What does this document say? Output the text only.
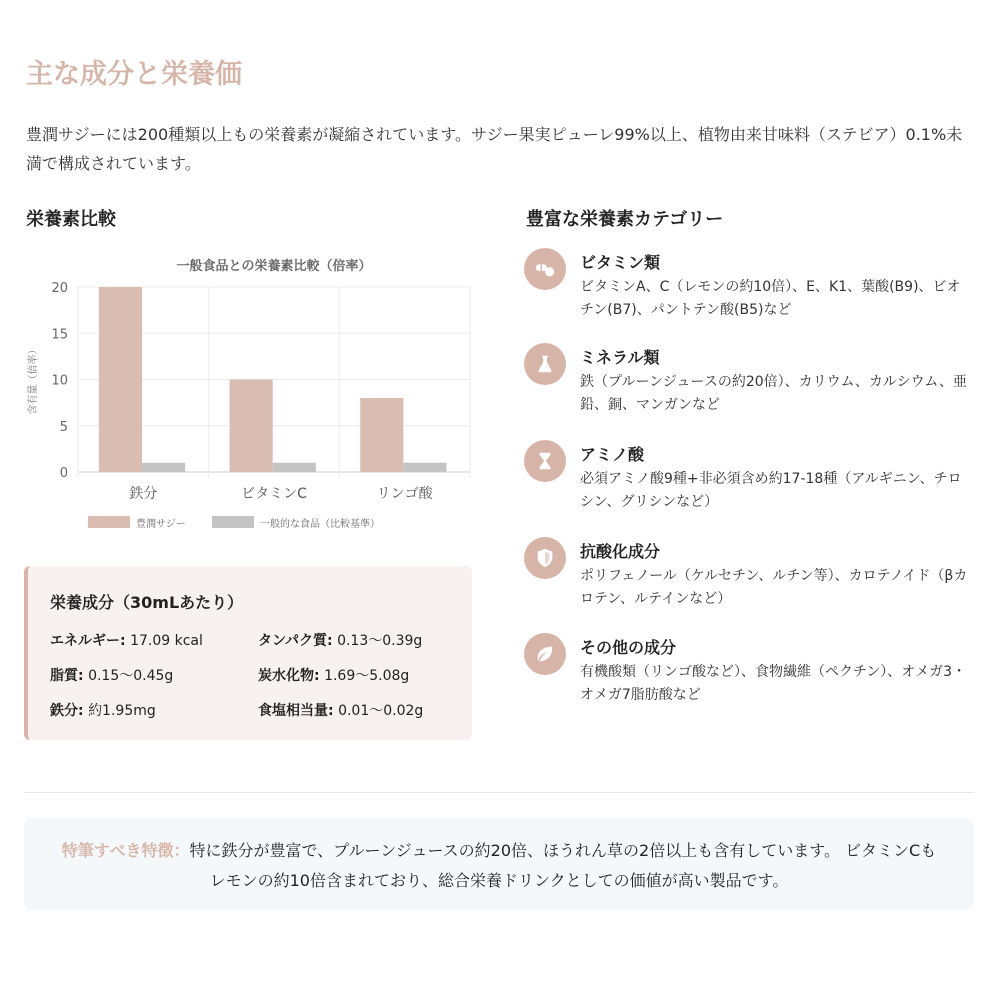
主な成分と栄養価

豊潤サジーには200種類以上もの栄養素が凝縮されています。サジー果実ピューレ99%以上、植物由来甘味料（ステビア）0.1%未満で構成されています。

栄養素比較
一般食品との栄養素比較（倍率）
0
5
10
15
20
鉄分	ビタミンC	リンゴ酸
含有量（倍率）
豊潤サジー	一般的な食品（比較基準）
栄養成分（30mLあたり）
エネルギー: 17.09 kcal	タンパク質: 0.13～0.39g
脂質: 0.15～0.45g	炭水化物: 1.69～5.08g
鉄分: 約1.95mg	食塩相当量: 0.01～0.02g
豊富な栄養素カテゴリー
ビタミン類

ビタミンA、C（レモンの約10倍）、E、K1、葉酸(B9)、ビオチン(B7)、パントテン酸(B5)など

ミネラル類

鉄（プルーンジュースの約20倍）、カリウム、カルシウム、亜鉛、銅、マンガンなど

アミノ酸

必須アミノ酸9種+非必須含め約17-18種（アルギニン、チロシン、グリシンなど）

抗酸化成分

ポリフェノール（ケルセチン、ルチン等）、カロテノイド（βカロテン、ルテインなど）

その他の成分

有機酸類（リンゴ酸など）、食物繊維（ペクチン）、オメガ3・オメガ7脂肪酸など

特筆すべき特徴：特に鉄分が豊富で、プルーンジュースの約20倍、ほうれん草の2倍以上も含有しています。 ビタミンCもレモンの約10倍含まれており、総合栄養ドリンクとしての価値が高い製品です。
